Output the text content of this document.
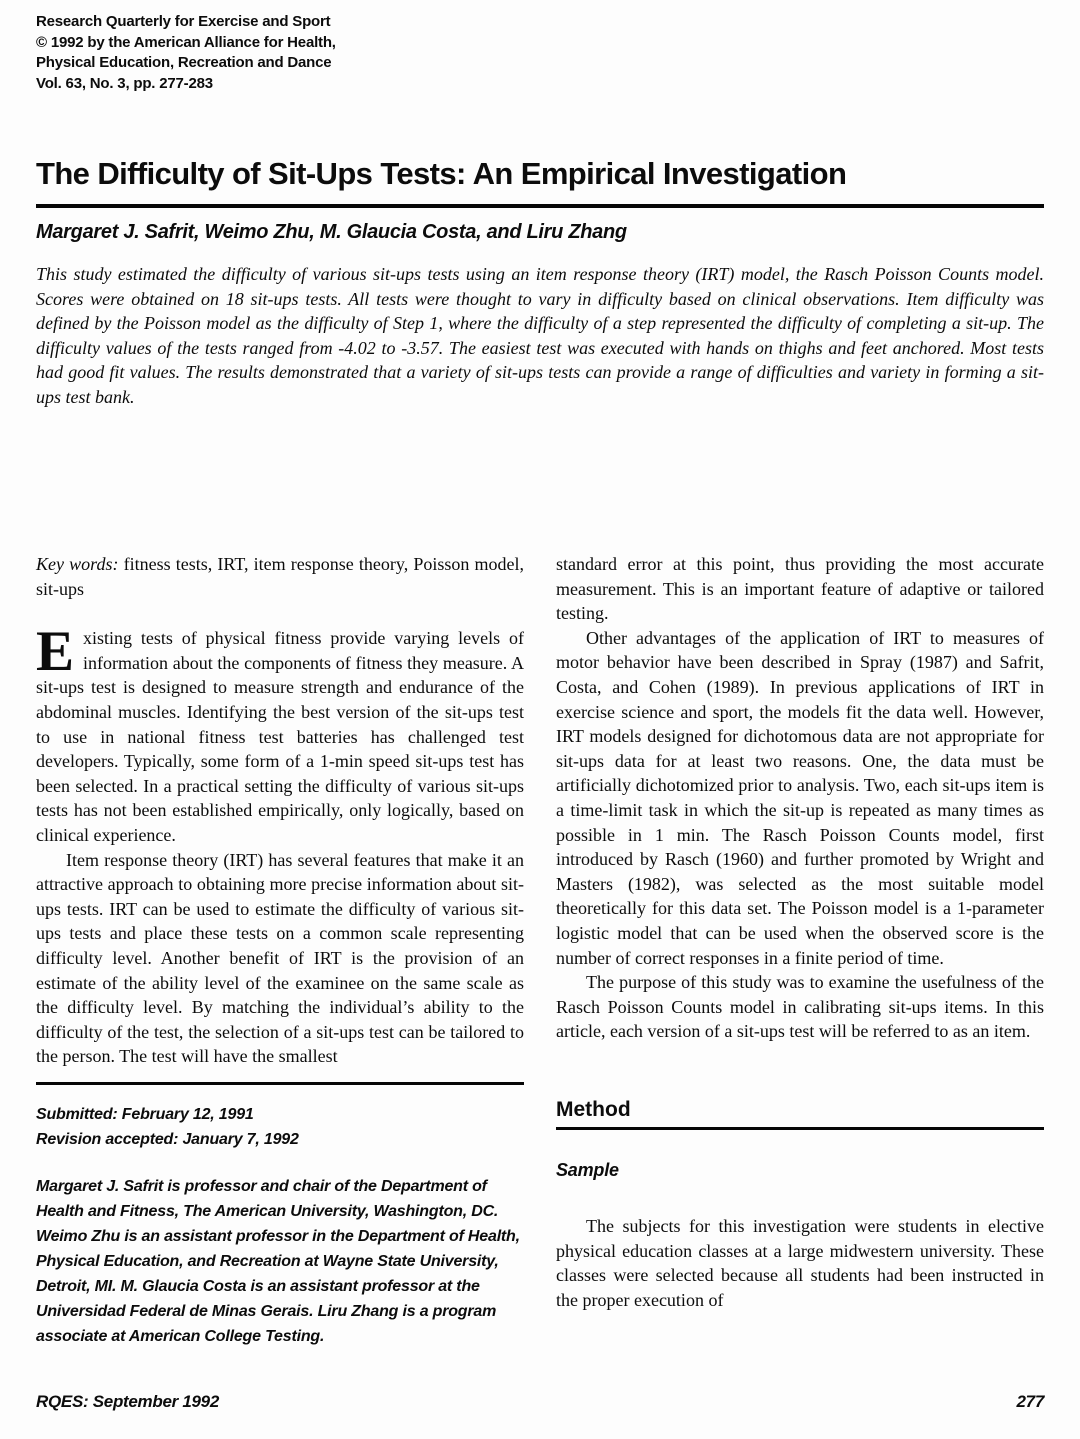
Research Quarterly for Exercise and Sport
© 1992 by the American Alliance for Health,
Physical Education, Recreation and Dance
Vol. 63, No. 3, pp. 277-283
The Difficulty of Sit-Ups Tests: An Empirical Investigation
Margaret J. Safrit, Weimo Zhu, M. Glaucia Costa, and Liru Zhang
This study estimated the difficulty of various sit-ups tests using an item response theory (IRT) model, the Rasch Poisson Counts model. Scores were obtained on 18 sit-ups tests. All tests were thought to vary in difficulty based on clinical observations. Item difficulty was defined by the Poisson model as the difficulty of Step 1, where the difficulty of a step represented the difficulty of completing a sit-up. The difficulty values of the tests ranged from -4.02 to -3.57. The easiest test was executed with hands on thighs and feet anchored. Most tests had good fit values. The results demonstrated that a variety of sit-ups tests can provide a range of difficulties and variety in forming a sit-ups test bank.

Key words: fitness tests, IRT, item response theory, Poisson model, sit-ups

Existing tests of physical fitness provide varying levels of information about the components of fitness they measure. A sit-ups test is designed to measure strength and endurance of the abdominal muscles. Identifying the best version of the sit-ups test to use in national fitness test batteries has challenged test developers. Typically, some form of a 1-min speed sit-ups test has been selected. In a practical setting the difficulty of various sit-ups tests has not been established empirically, only logically, based on clinical experience.

Item response theory (IRT) has several features that make it an attractive approach to obtaining more precise information about sit-ups tests. IRT can be used to estimate the difficulty of various sit-ups tests and place these tests on a common scale representing difficulty level. Another benefit of IRT is the provision of an estimate of the ability level of the examinee on the same scale as the difficulty level. By matching the individual’s ability to the difficulty of the test, the selection of a sit-ups test can be tailored to the person. The test will have the smallest

Submitted: February 12, 1991
Revision accepted: January 7, 1992
Margaret J. Safrit is professor and chair of the Department of Health and Fitness, The American University, Washington, DC. Weimo Zhu is an assistant professor in the Department of Health, Physical Education, and Recreation at Wayne State University, Detroit, MI. M. Glaucia Costa is an assistant professor at the Universidad Federal de Minas Gerais. Liru Zhang is a program associate at American College Testing.

standard error at this point, thus providing the most accurate measurement. This is an important feature of adaptive or tailored testing.

Other advantages of the application of IRT to measures of motor behavior have been described in Spray (1987) and Safrit, Costa, and Cohen (1989). In previous applications of IRT in exercise science and sport, the models fit the data well. However, IRT models designed for dichotomous data are not appropriate for sit-ups data for at least two reasons. One, the data must be artificially dichotomized prior to analysis. Two, each sit-ups item is a time-limit task in which the sit-up is repeated as many times as possible in 1 min. The Rasch Poisson Counts model, first introduced by Rasch (1960) and further promoted by Wright and Masters (1982), was selected as the most suitable model theoretically for this data set. The Poisson model is a 1-parameter logistic model that can be used when the observed score is the number of correct responses in a finite period of time.

The purpose of this study was to examine the usefulness of the Rasch Poisson Counts model in calibrating sit-ups items. In this article, each version of a sit-ups test will be referred to as an item.

Method
Sample

The subjects for this investigation were students in elective physical education classes at a large midwestern university. These classes were selected because all students had been instructed in the proper execution of

RQES: September 1992	277
